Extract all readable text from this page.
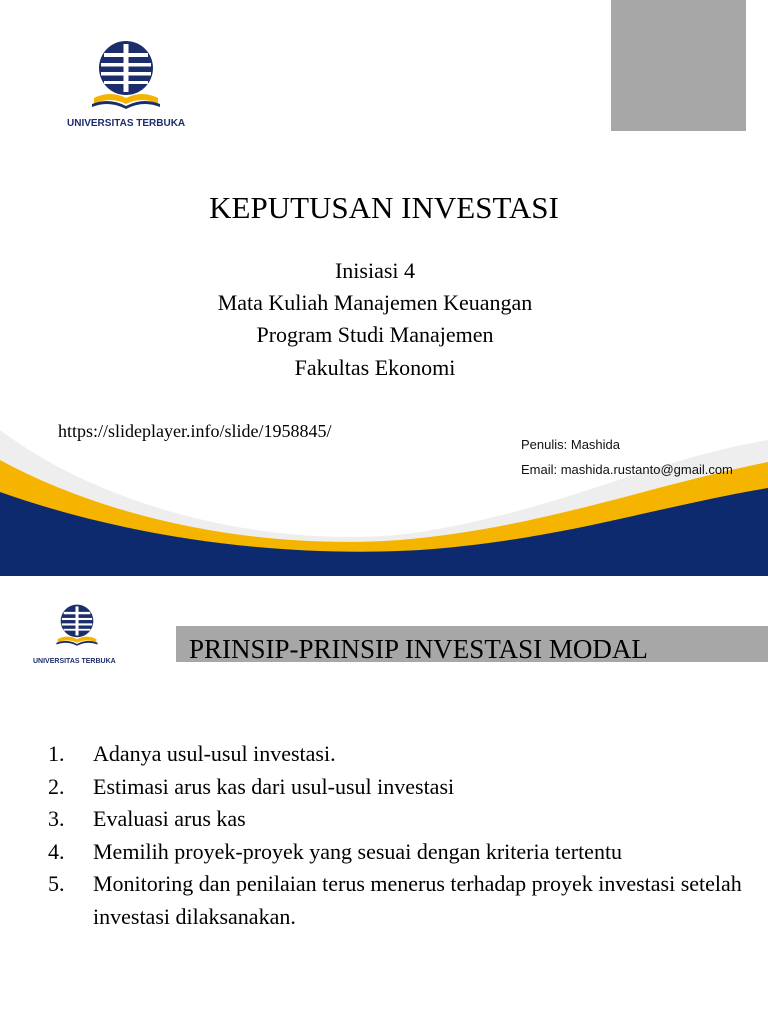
UNIVERSITAS TERBUKA
KEPUTUSAN INVESTASI
Inisiasi 4
Mata Kuliah Manajemen Keuangan
Program Studi Manajemen
Fakultas Ekonomi
https://slideplayer.info/slide/1958845/
Penulis: Mashida
Email: mashida.rustanto@gmail.com
UNIVERSITAS TERBUKA	PRINSIP-PRINSIP INVESTASI MODAL
1.	Adanya usul-usul investasi.
2.	Estimasi arus kas dari usul-usul investasi
3.	Evaluasi arus kas
4.	Memilih proyek-proyek yang sesuai dengan kriteria tertentu
5.	Monitoring dan penilaian terus menerus terhadap proyek investasi setelah investasi dilaksanakan.
